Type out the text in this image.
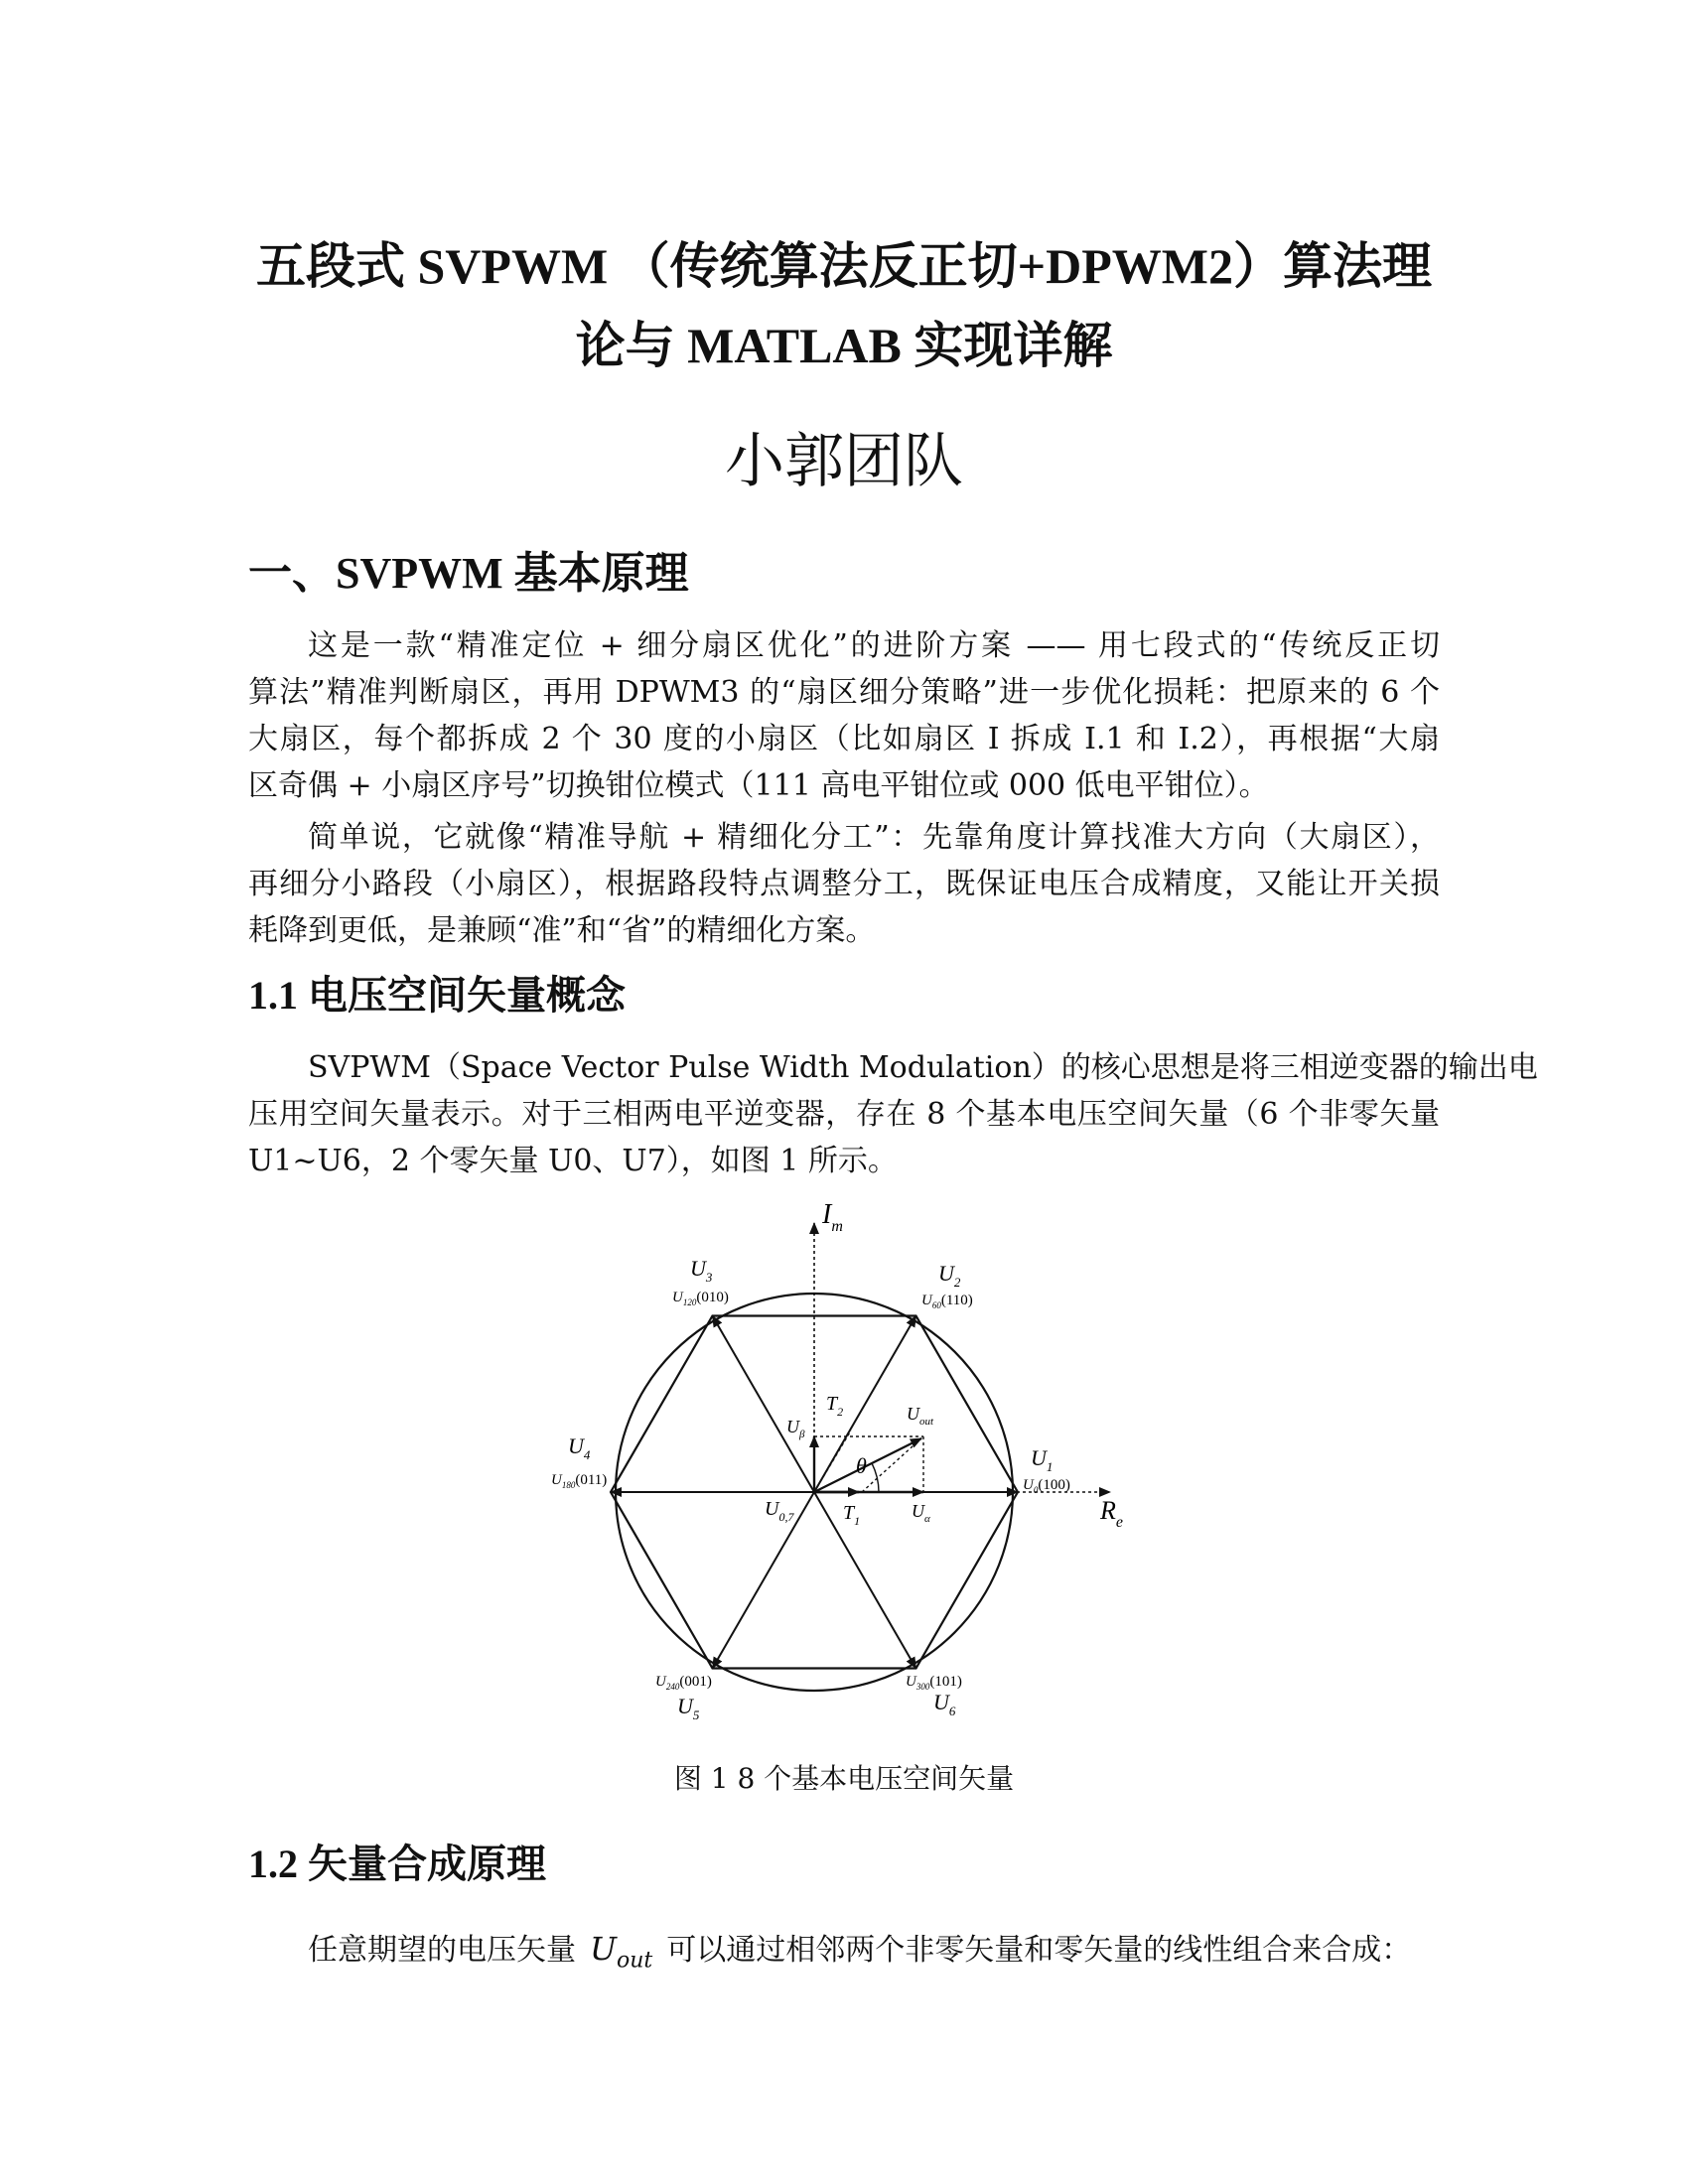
五段式 SVPWM （传统算法反正切+DPWM2）算法理
论与 MATLAB 实现详解
小郭团队
一、SVPWM 基本原理
这是一款“精准定位 + 细分扇区优化”的进阶方案 —— 用七段式的“传统反正切
算法”精准判断扇区，再用 DPWM3 的“扇区细分策略”进一步优化损耗：把原来的 6 个
大扇区，每个都拆成 2 个 30 度的小扇区（比如扇区 I 拆成 I.1 和 I.2），再根据“大扇
区奇偶 + 小扇区序号”切换钳位模式（111 高电平钳位或 000 低电平钳位）。
简单说，它就像“精准导航 + 精细化分工”：先靠角度计算找准大方向（大扇区），
再细分小路段（小扇区），根据路段特点调整分工，既保证电压合成精度，又能让开关损
耗降到更低，是兼顾“准”和“省”的精细化方案。
1.1 电压空间矢量概念
SVPWM（Space Vector Pulse Width Modulation）的核心思想是将三相逆变器的输出电
压用空间矢量表示。对于三相两电平逆变器，存在 8 个基本电压空间矢量（6 个非零矢量
U1~U6，2 个零矢量 U0、U7），如图 1 所示。
$I_m$
$R_e$
$U_1$
$U_0(100)$
$U_2$
$U_{60}(110)$
$U_3$
$U_{120}(010)$
$U_4$
$U_{180}(011)$
$U_{240}(001)$
$U_5$
$U_{300}(101)$
$U_6$
$U_{0,7}$ $T_1$	$U_\alpha$
$U_\beta$
$T_2$	$U_{out}$
θ
图 1 8 个基本电压空间矢量
1.2 矢量合成原理
任意期望的电压矢量 $U_{out}$ 可以通过相邻两个非零矢量和零矢量的线性组合来合成：
